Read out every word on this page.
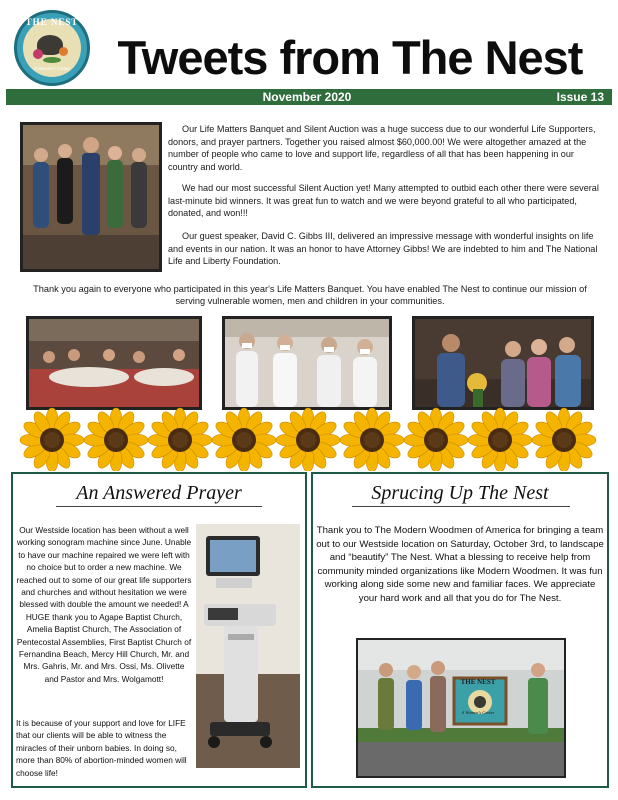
THE NEST
A Women's Center	Tweets from The Nest
November 2020	Issue 13
Our Life Matters Banquet and Silent Auction was a huge success due to our wonderful Life Supporters, donors, and prayer partners. Together you raised almost $60,000.00! We were altogether amazed at the number of people who came to love and support life, regardless of all that has been happening in our country and world.
We had our most successful Silent Auction yet! Many attempted to outbid each other there were several last-minute bid winners. It was great fun to watch and we were beyond grateful to all who participated, donated, and won!!!
Our guest speaker, David C. Gibbs III, delivered an impressive message with wonderful insights on life and events in our nation. It was an honor to have Attorney Gibbs! We are indebted to him and The National Life and Liberty Foundation.
Thank you again to everyone who participated in this year's Life Matters Banquet. You have enabled The Nest to continue our mission of serving vulnerable women, men and children in your communities.
An Answered Prayer
Our Westside location has been without a well working sonogram machine since June. Unable to have our machine repaired we were left with no choice but to order a new machine. We reached out to some of our great life supporters and churches and without hesitation we were blessed with double the amount we needed! A HUGE thank you to Agape Baptist Church, Amelia Baptist Church, The Association of Pentecostal Assemblies, First Baptist Church of Fernandina Beach, Mercy Hill Church, Mr. and Mrs. Gahris, Mr. and Mrs. Ossi, Ms. Olivette and Pastor and Mrs. Wolgamott!
It is because of your support and love for LIFE that our clients will be able to witness the miracles of their unborn babies. In doing so, more than 80% of abortion-minded women will choose life!
Sprucing Up The Nest
Thank you to The Modern Woodmen of America for bringing a team out to our Westside location on Saturday, October 3rd, to landscape and “beautify” The Nest. What a blessing to receive help from community minded organizations like Modern Woodmen. It was fun working along side some new and familiar faces. We appreciate your hard work and all that you do for The Nest.
THE NEST
A Women's Center
